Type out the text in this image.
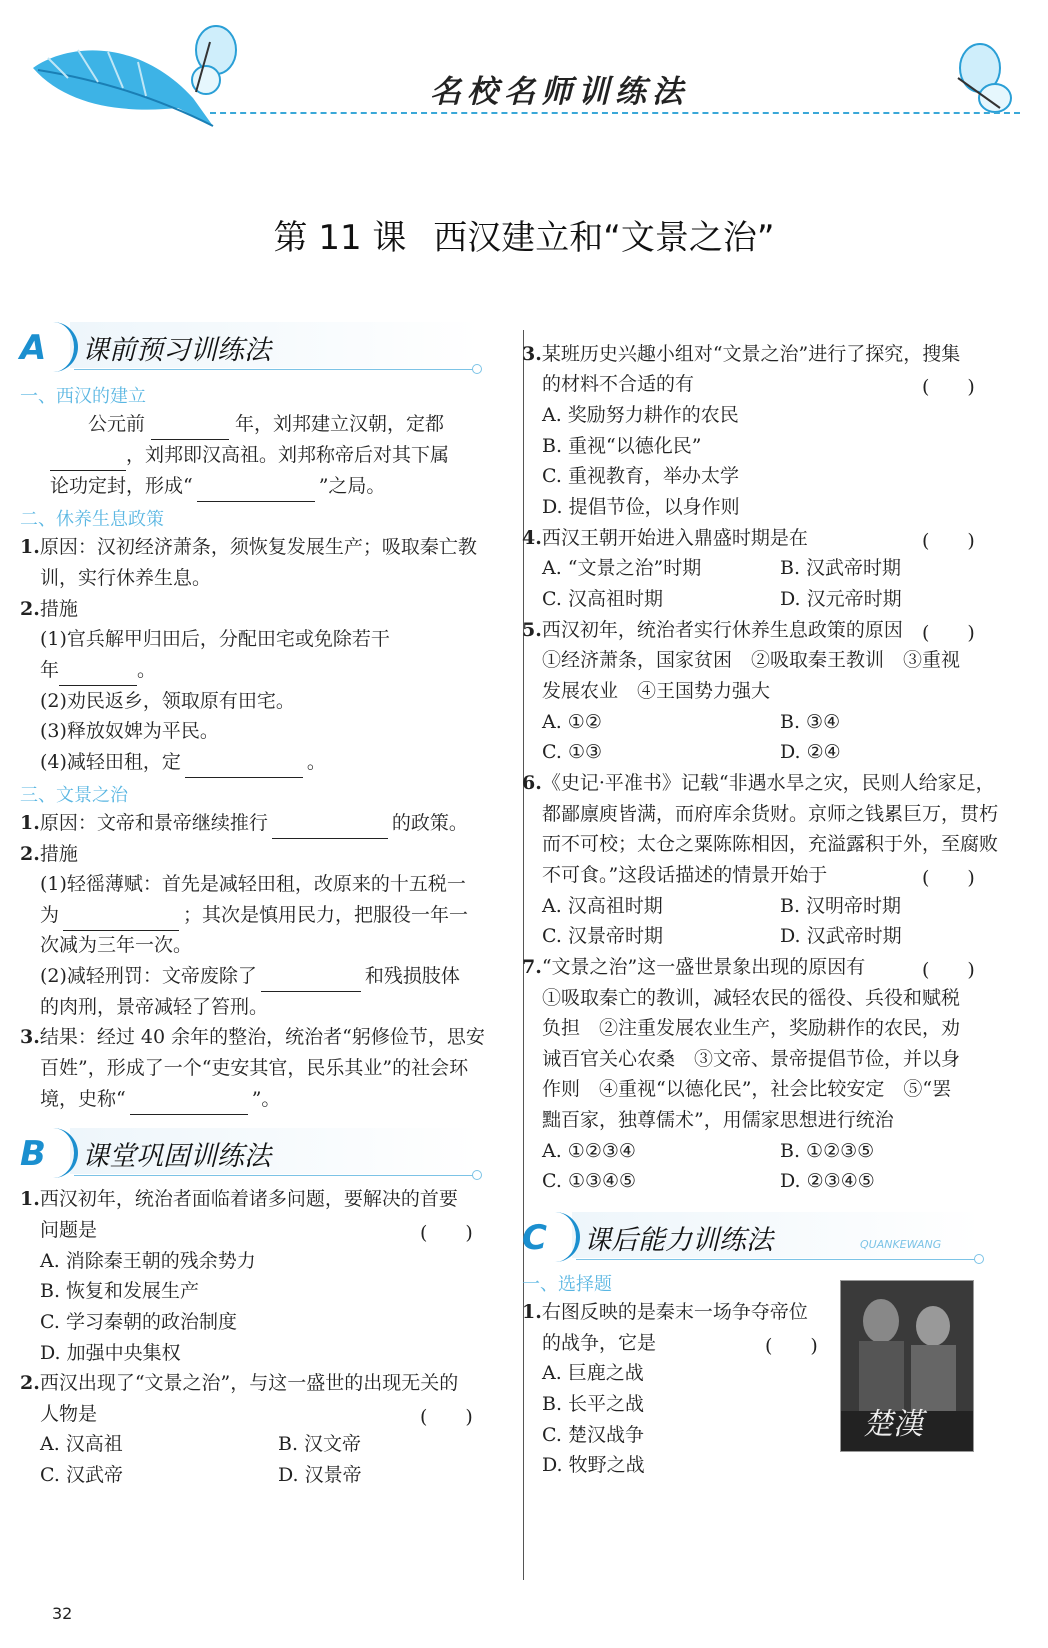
名校名师训练法
第 11 课 西汉建立和“文景之治”
A 课前预习训练法
一、西汉的建立
公元前	年，刘邦建立汉朝，定都
，刘邦即汉高祖。刘邦称帝后对其下属
论功定封，形成“	”之局。
二、休养生息政策
1.原因：汉初经济萧条，须恢复发展生产；吸取秦亡教
训，实行休养生息。
2.措施
(1)官兵解甲归田后，分配田宅或免除若干
年	。
(2)劝民返乡，领取原有田宅。
(3)释放奴婢为平民。
(4)减轻田租，定	。
三、文景之治
1.原因：文帝和景帝继续推行	的政策。
2.措施
(1)轻徭薄赋：首先是减轻田租，改原来的十五税一
为	；其次是慎用民力，把服役一年一
次减为三年一次。
(2)减轻刑罚：文帝废除了	和残损肢体
的肉刑，景帝减轻了笞刑。
3.结果：经过 40 余年的整治，统治者“躬修俭节，思安
百姓”，形成了一个“吏安其官，民乐其业”的社会环
境，史称“	”。
B 课堂巩固训练法
1.西汉初年，统治者面临着诸多问题，要解决的首要
问题是	(　　)
A. 消除秦王朝的残余势力
B. 恢复和发展生产
C. 学习秦朝的政治制度
D. 加强中央集权
2.西汉出现了“文景之治”，与这一盛世的出现无关的
人物是	(　　)
A. 汉高祖	B. 汉文帝
C. 汉武帝	D. 汉景帝
3.某班历史兴趣小组对“文景之治”进行了探究，搜集
的材料不合适的有	(　　)
A. 奖励努力耕作的农民
B. 重视“以德化民”
C. 重视教育，举办太学
D. 提倡节俭，以身作则
4.西汉王朝开始进入鼎盛时期是在	(　　)
A. “文景之治”时期	B. 汉武帝时期
C. 汉高祖时期	D. 汉元帝时期
5.西汉初年，统治者实行休养生息政策的原因 (　　)
①经济萧条，国家贫困　②吸取秦王教训　③重视
发展农业　④王国势力强大
A. ①②	B. ③④
C. ①③	D. ②④
6.《史记·平准书》记载“非遇水旱之灾，民则人给家足，
都鄙廪庾皆满，而府库余货财。京师之钱累巨万，贯朽
而不可校；太仓之粟陈陈相因，充溢露积于外，至腐败
不可食。”这段话描述的情景开始于	(　　)
A. 汉高祖时期	B. 汉明帝时期
C. 汉景帝时期	D. 汉武帝时期
7.“文景之治”这一盛世景象出现的原因有	(　　)
①吸取秦亡的教训，减轻农民的徭役、兵役和赋税
负担　②注重发展农业生产，奖励耕作的农民，劝
诫百官关心农桑　③文帝、景帝提倡节俭，并以身
作则　④重视“以德化民”，社会比较安定　⑤“罢
黜百家，独尊儒术”，用儒家思想进行统治
A. ①②③④	B. ①②③⑤
C. ①③④⑤	D. ②③④⑤
C 课后能力训练法	QUANKEWANG
一、选择题
1.右图反映的是秦末一场争夺帝位
的战争，它是	(　　)
A. 巨鹿之战
B. 长平之战
C. 楚汉战争
D. 牧野之战
楚漢
32
